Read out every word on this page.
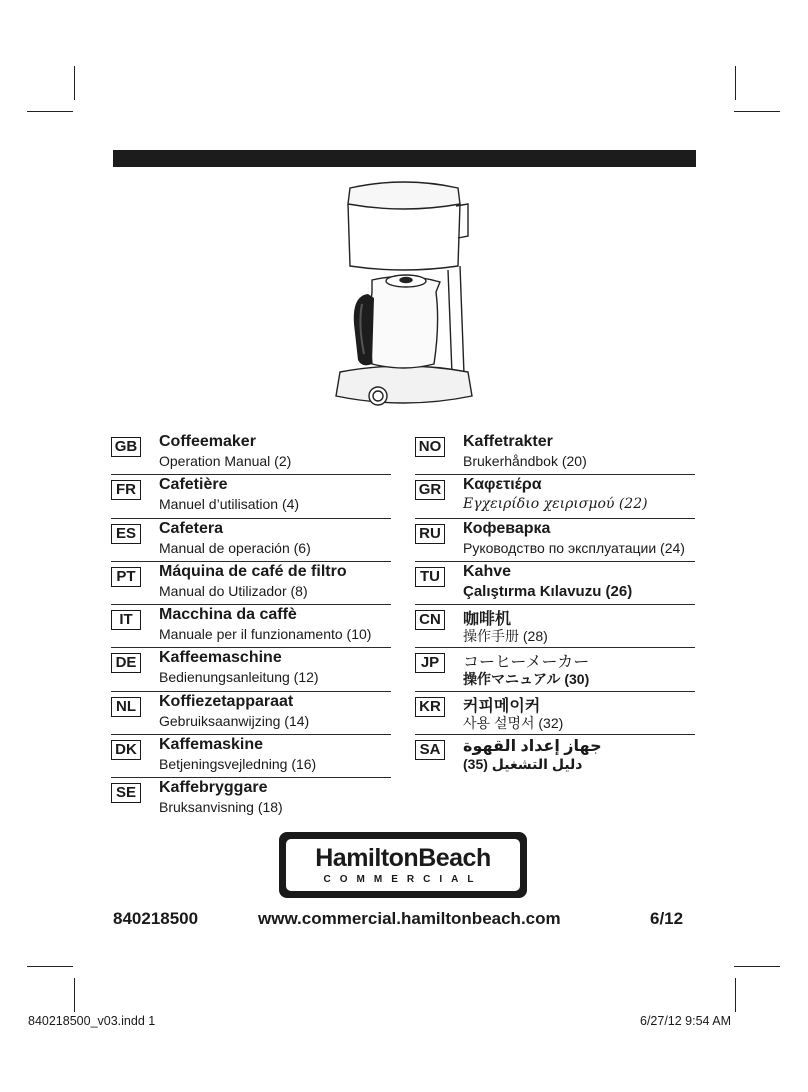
GB Coffeemaker
Operation Manual (2)
FR	Cafetière
Manuel d’utilisation (4)
ES	Cafetera
Manual de operación (6)
PT	Máquina de café de filtro
Manual do Utilizador (8)
IT	Macchina da caffè
Manuale per il funzionamento (10)
DE Kaffeemaschine
Bedienungsanleitung (12)
NL	Koffiezetapparaat
Gebruiksaanwijzing (14)
DK Kaffemaskine
Betjeningsvejledning (16)
SE	Kaffebryggare
Bruksanvisning (18)
NO Kaffetrakter
Brukerhåndbok (20)
GR Καφετιέρα
Εγχειρίδιο χειρισμού (22)
RU Кофеварка
Руководство по эксплуатации (24)
TU	Kahve
Çalıştırma Kılavuzu (26)
CN 咖啡机
操作手册 (28)
JP	コーヒーメーカー
操作マニュアル (30)
KR 커피메이커
사용 설명서 (32)
SA جهاز إعداد القهوة
دليل التشغيل (35)
HamiltonBeach
COMMERCIAL
840218500	www.commercial.hamiltonbeach.com	6/12
840218500_v03.indd 1	6/27/12 9:54 AM
